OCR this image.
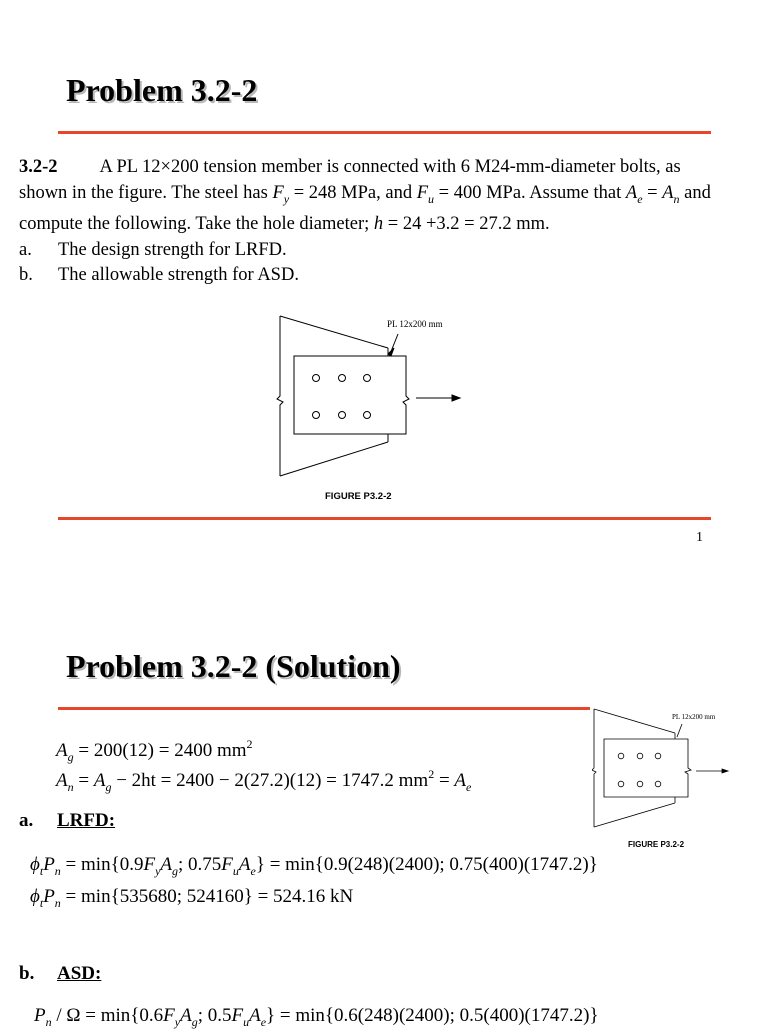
Problem 3.2-2

3.2-2 A PL 12×200 tension member is connected with 6 M24-mm-diameter bolts, as shown in the figure. The steel has $F_y = 248$ MPa, and $F_u = 400$ MPa. Assume that $A_e = A_n$ and compute the following. Take the hole diameter; h = 24 +3.2 = 27.2 mm.

a.	The design strength for LRFD.
b.	The allowable strength for ASD.
PL 12x200 mm
FIGURE P3.2-2
1
Problem 3.2-2 (Solution)
$A_g = 200(12) = 2400$ $mm^2$
$A_n = A_g - 2ht = 2400 - 2(27.2)(12) = 1747.2$ $mm^2 = A_e$
PL 12x200 mm
FIGURE P3.2-2
a. LRFD:
$\phi_tP_n = \min\{0.9F_yA_g$; $0.75F_uA_e\} = \min\{0.9(248)(2400)$; 0.75(400)(1747.2)}
$\phi_tP_n = \min\{535680$; 524160} = 524.16 kN
b. ASD:
$P_n / \Omega = \min\{0.6F_yA_g$; $0.5F_uA_e\} = \min\{0.6(248)(2400)$; 0.5(400)(1747.2)}
